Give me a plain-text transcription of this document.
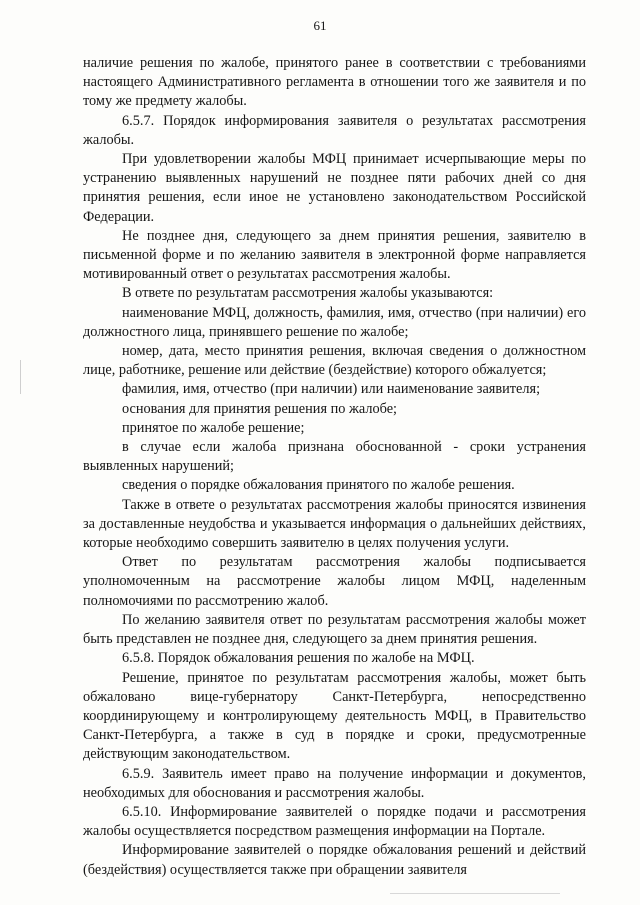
61

наличие решения по жалобе, принятого ранее в соответствии с требованиями настоящего Административного регламента в отношении того же заявителя и по тому же предмету жалобы.

6.5.7. Порядок информирования заявителя о результатах рассмотрения жалобы.

При удовлетворении жалобы МФЦ принимает исчерпывающие меры по устранению выявленных нарушений не позднее пяти рабочих дней со дня принятия решения, если иное не установлено законодательством Российской Федерации.

Не позднее дня, следующего за днем принятия решения, заявителю в письменной форме и по желанию заявителя в электронной форме направляется мотивированный ответ о результатах рассмотрения жалобы.

В ответе по результатам рассмотрения жалобы указываются:

наименование МФЦ, должность, фамилия, имя, отчество (при наличии) его должностного лица, принявшего решение по жалобе;

номер, дата, место принятия решения, включая сведения о должностном лице, работнике, решение или действие (бездействие) которого обжалуется;

фамилия, имя, отчество (при наличии) или наименование заявителя;

основания для принятия решения по жалобе;

принятое по жалобе решение;

в случае если жалоба признана обоснованной - сроки устранения выявленных нарушений;

сведения о порядке обжалования принятого по жалобе решения.

Также в ответе о результатах рассмотрения жалобы приносятся извинения за доставленные неудобства и указывается информация о дальнейших действиях, которые необходимо совершить заявителю в целях получения услуги.

Ответ по результатам рассмотрения жалобы подписывается уполномоченным на рассмотрение жалобы лицом МФЦ, наделенным полномочиями по рассмотрению жалоб.

По желанию заявителя ответ по результатам рассмотрения жалобы может быть представлен не позднее дня, следующего за днем принятия решения.

6.5.8. Порядок обжалования решения по жалобе на МФЦ.

Решение, принятое по результатам рассмотрения жалобы, может быть обжаловано вице-губернатору Санкт-Петербурга, непосредственно координирующему и контролирующему деятельность МФЦ, в Правительство Санкт-Петербурга, а также в суд в порядке и сроки, предусмотренные действующим законодательством.

6.5.9. Заявитель имеет право на получение информации и документов, необходимых для обоснования и рассмотрения жалобы.

6.5.10. Информирование заявителей о порядке подачи и рассмотрения жалобы осуществляется посредством размещения информации на Портале.

Информирование заявителей о порядке обжалования решений и действий (бездействия) осуществляется также при обращении заявителя
